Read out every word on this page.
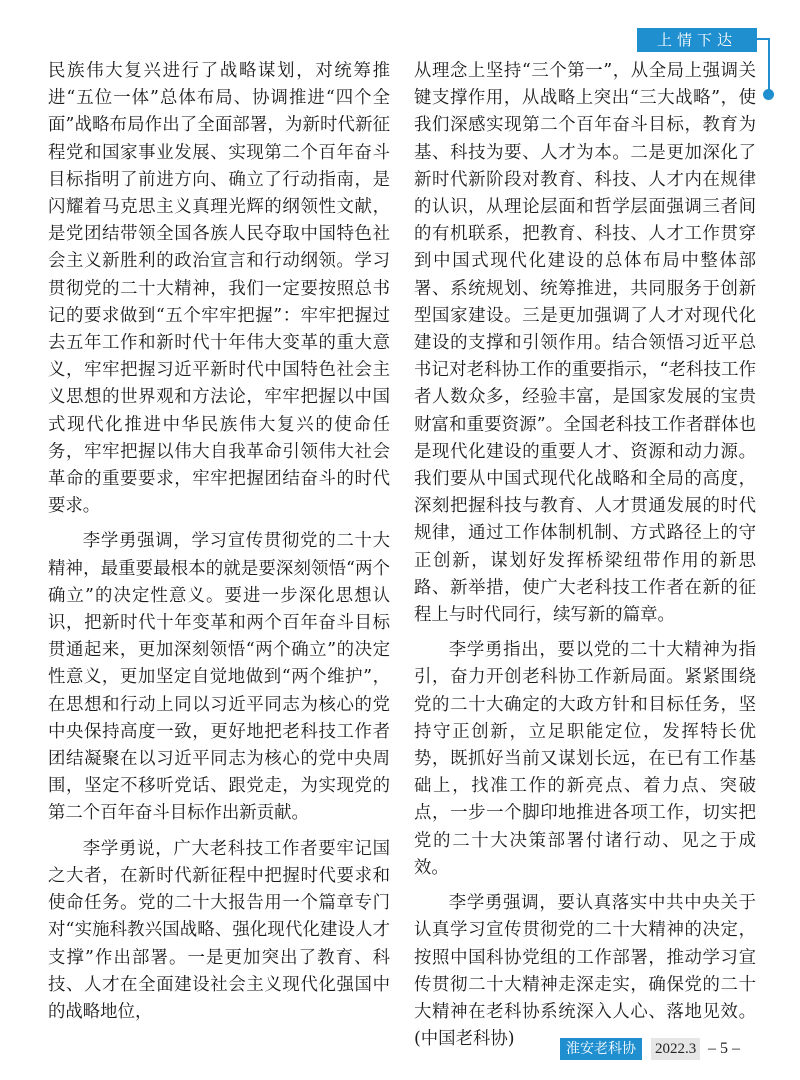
上情下达

民族伟大复兴进行了战略谋划，对统筹推进“五位一体”总体布局、协调推进“四个全面”战略布局作出了全面部署，为新时代新征程党和国家事业发展、实现第二个百年奋斗目标指明了前进方向、确立了行动指南，是闪耀着马克思主义真理光辉的纲领性文献，是党团结带领全国各族人民夺取中国特色社会主义新胜利的政治宣言和行动纲领。学习贯彻党的二十大精神，我们一定要按照总书记的要求做到“五个牢牢把握”：牢牢把握过去五年工作和新时代十年伟大变革的重大意义，牢牢把握习近平新时代中国特色社会主义思想的世界观和方法论，牢牢把握以中国式现代化推进中华民族伟大复兴的使命任务，牢牢把握以伟大自我革命引领伟大社会革命的重要要求，牢牢把握团结奋斗的时代要求。

李学勇强调，学习宣传贯彻党的二十大精神，最重要最根本的就是要深刻领悟“两个确立”的决定性意义。要进一步深化思想认识，把新时代十年变革和两个百年奋斗目标贯通起来，更加深刻领悟“两个确立”的决定性意义，更加坚定自觉地做到“两个维护”，在思想和行动上同以习近平同志为核心的党中央保持高度一致，更好地把老科技工作者团结凝聚在以习近平同志为核心的党中央周围，坚定不移听党话、跟党走，为实现党的第二个百年奋斗目标作出新贡献。

李学勇说，广大老科技工作者要牢记国之大者，在新时代新征程中把握时代要求和使命任务。党的二十大报告用一个篇章专门对“实施科教兴国战略、强化现代化建设人才支撑”作出部署。一是更加突出了教育、科技、人才在全面建设社会主义现代化强国中的战略地位，

从理念上坚持“三个第一”，从全局上强调关键支撑作用，从战略上突出“三大战略”，使我们深感实现第二个百年奋斗目标，教育为基、科技为要、人才为本。二是更加深化了新时代新阶段对教育、科技、人才内在规律的认识，从理论层面和哲学层面强调三者间的有机联系，把教育、科技、人才工作贯穿到中国式现代化建设的总体布局中整体部署、系统规划、统筹推进，共同服务于创新型国家建设。三是更加强调了人才对现代化建设的支撑和引领作用。结合领悟习近平总书记对老科协工作的重要指示，“老科技工作者人数众多，经验丰富，是国家发展的宝贵财富和重要资源”。全国老科技工作者群体也是现代化建设的重要人才、资源和动力源。我们要从中国式现代化战略和全局的高度，深刻把握科技与教育、人才贯通发展的时代规律，通过工作体制机制、方式路径上的守正创新，谋划好发挥桥梁纽带作用的新思路、新举措，使广大老科技工作者在新的征程上与时代同行，续写新的篇章。

李学勇指出，要以党的二十大精神为指引，奋力开创老科协工作新局面。紧紧围绕党的二十大确定的大政方针和目标任务，坚持守正创新，立足职能定位，发挥特长优势，既抓好当前又谋划长远，在已有工作基础上，找准工作的新亮点、着力点、突破点，一步一个脚印地推进各项工作，切实把党的二十大决策部署付诸行动、见之于成效。

李学勇强调，要认真落实中共中央关于认真学习宣传贯彻党的二十大精神的决定，按照中国科协党组的工作部署，推动学习宣传贯彻二十大精神走深走实，确保党的二十大精神在老科协系统深入人心、落地见效。(中国老科协)	淮安老科协	2022.3 – 5 –
